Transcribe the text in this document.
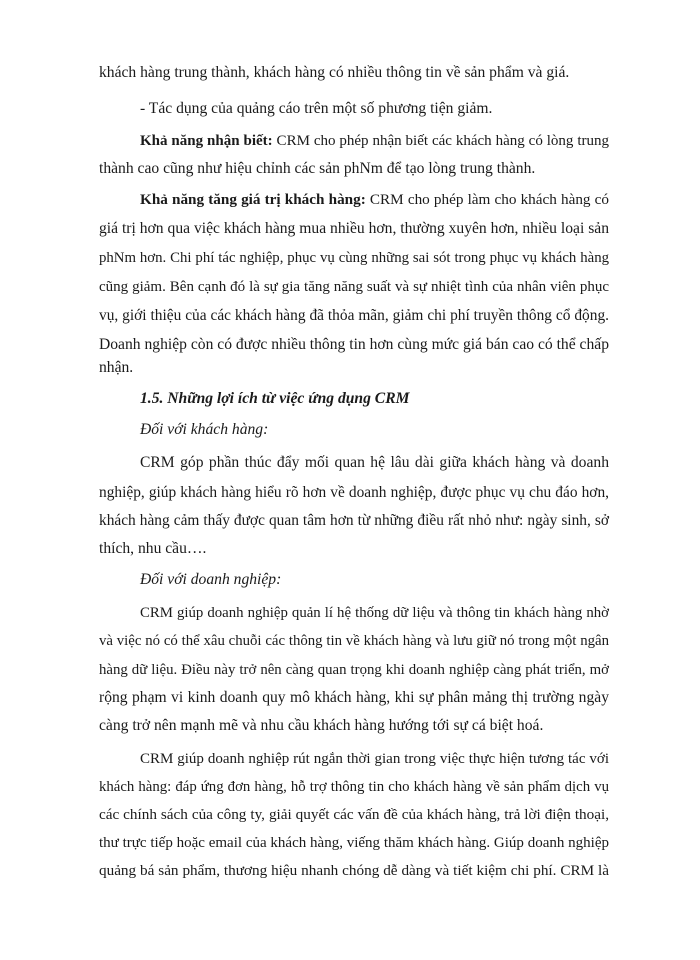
khách hàng trung thành, khách hàng có nhiều thông tin về sản phẩm và giá.
- Tác dụng của quảng cáo trên một số phương tiện giảm.
Khả năng nhận biết: CRM cho phép nhận biết các khách hàng có lòng trung
thành cao cũng như hiệu chỉnh các sản phNm để tạo lòng trung thành.
Khả năng tăng giá trị khách hàng: CRM cho phép làm cho khách hàng có
giá trị hơn qua việc khách hàng mua nhiều hơn, thường xuyên hơn, nhiều loại sản
phNm hơn. Chi phí tác nghiệp, phục vụ cùng những sai sót trong phục vụ khách hàng
cũng giảm. Bên cạnh đó là sự gia tăng năng suất và sự nhiệt tình của nhân viên phục
vụ, giới thiệu của các khách hàng đã thỏa mãn, giảm chi phí truyền thông cổ động.
Doanh nghiệp còn có được nhiều thông tin hơn cùng mức giá bán cao có thể chấp
nhận.
1.5. Những lợi ích từ việc ứng dụng CRM
Đối với khách hàng:
CRM góp phần thúc đẩy mối quan hệ lâu dài giữa khách hàng và doanh
nghiệp, giúp khách hàng hiểu rõ hơn về doanh nghiệp, được phục vụ chu đáo hơn,
khách hàng cảm thấy được quan tâm hơn từ những điều rất nhỏ như: ngày sinh, sở
thích, nhu cầu….
Đối với doanh nghiệp:
CRM giúp doanh nghiệp quản lí hệ thống dữ liệu và thông tin khách hàng nhờ
và việc nó có thể xâu chuỗi các thông tin về khách hàng và lưu giữ nó trong một ngân
hàng dữ liệu. Điều này trở nên càng quan trọng khi doanh nghiệp càng phát triển, mở
rộng phạm vi kinh doanh quy mô khách hàng, khi sự phân mảng thị trường ngày
càng trở nên mạnh mẽ và nhu cầu khách hàng hướng tới sự cá biệt hoá.
CRM giúp doanh nghiệp rút ngắn thời gian trong việc thực hiện tương tác với
khách hàng: đáp ứng đơn hàng, hỗ trợ thông tin cho khách hàng về sản phẩm dịch vụ
các chính sách của công ty, giải quyết các vấn đề của khách hàng, trả lời điện thoại,
thư trực tiếp hoặc email của khách hàng, viếng thăm khách hàng. Giúp doanh nghiệp
quảng bá sản phẩm, thương hiệu nhanh chóng dễ dàng và tiết kiệm chi phí. CRM là
